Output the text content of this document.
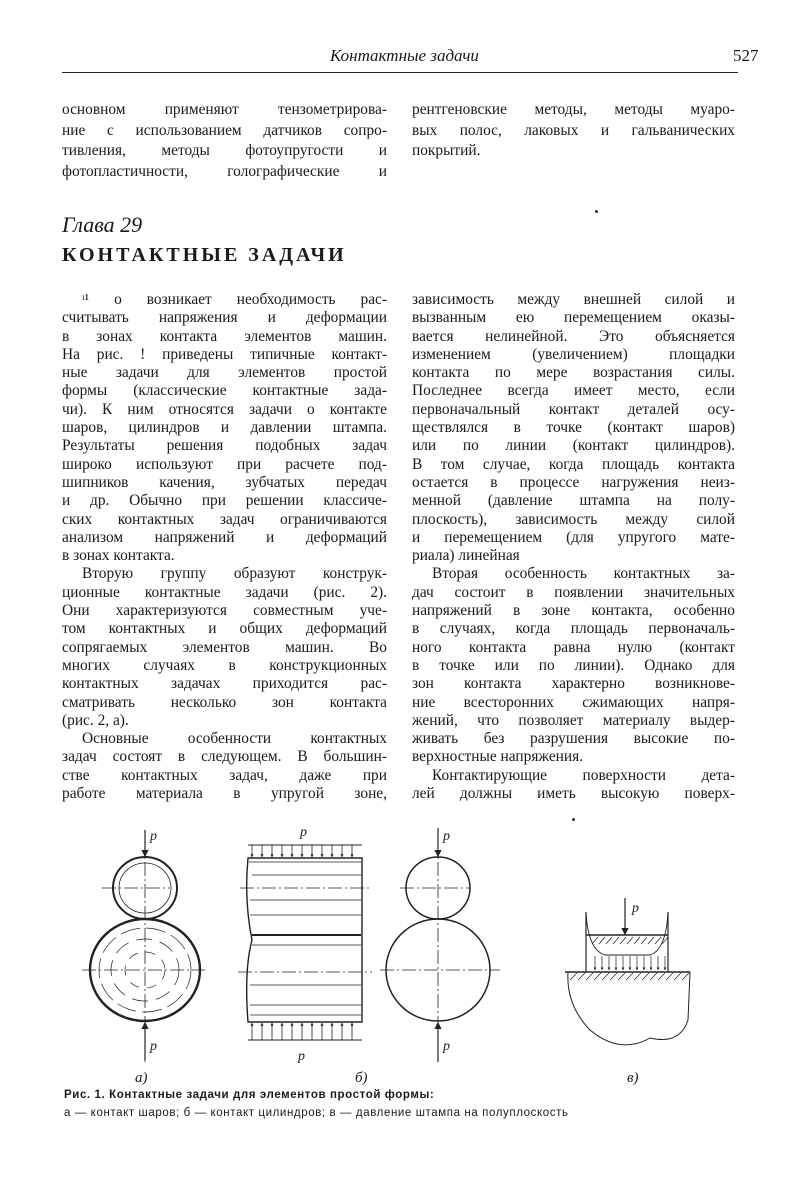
Контактные задачи	527
основном применяют тензометрирова-
ние с использованием датчиков сопро-
тивления, методы фотоупругости и
фотопластичности, голографические и
рентгеновские методы, методы муаро-
вых полос, лаковых и гальванических
покрытий.
Глава 29
КОНТАКТНЫЕ ЗАДАЧИ
ᶦ¹ о возникает необходимость рас-
считывать напряжения и деформации
в зонах контакта элементов машин.
На рис. ! приведены типичные контакт-
ные задачи для элементов простой
формы (классические контактные зада-
чи). К ним относятся задачи о контакте
шаров, цилиндров и давлении штампа.
Результаты решения подобных задач
широко используют при расчете под-
шипников качения, зубчатых передач
и др. Обычно при решении классиче-
ских контактных задач ограничиваются
анализом напряжений и деформаций
в зонах контакта.
Вторую группу образуют конструк-
ционные контактные задачи (рис. 2).
Они характеризуются совместным уче-
том контактных и общих деформаций
сопрягаемых элементов машин. Во
многих случаях в конструкционных
контактных задачах приходится рас-
сматривать несколько зон контакта
(рис. 2, а).
Основные особенности контактных
задач состоят в следующем. В большин-
стве контактных задач, даже при
работе материала в упругой зоне,
зависимость между внешней силой и
вызванным ею перемещением оказы-
вается нелинейной. Это объясняется
изменением (увеличением) площадки
контакта по мере возрастания силы.
Последнее всегда имеет место, если
первоначальный контакт деталей осу-
ществлялся в точке (контакт шаров)
или по линии (контакт цилиндров).
В том случае, когда площадь контакта
остается в процессе нагружения неиз-
менной (давление штампа на полу-
плоскость), зависимость между силой
и перемещением (для упругого мате-
риала) линейная
Вторая особенность контактных за-
дач состоит в появлении значительных
напряжений в зоне контакта, особенно
в случаях, когда площадь первоначаль-
ного контакта равна нулю (контакт
в точке или по линии). Однако для
зон контакта характерно возникнове-
ние всесторонних сжимающих напря-
жений, что позволяет материалу выдер-
живать без разрушения высокие по-
верхностные напряжения.
Контактирующие поверхности дета-
лей должны иметь высокую поверх-
p
p
p
p
p
p
p
а)	б)	в)
Рис. 1. Контактные задачи для элементов простой формы:
а — контакт шаров; б — контакт цилиндров; в — давление штампа на полуплоскость
